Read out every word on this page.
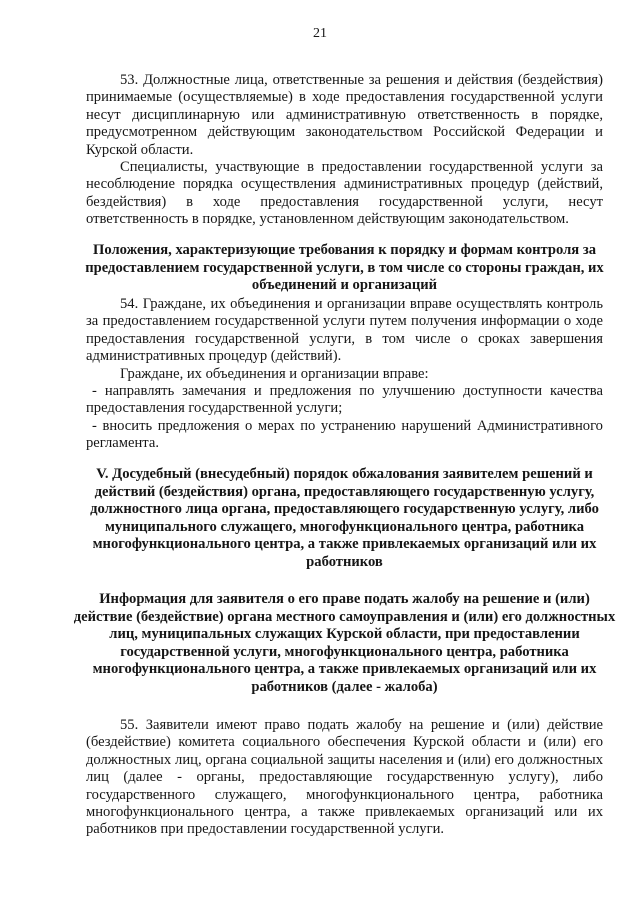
21

53. Должностные лица, ответственные за решения и действия (бездействия) принимаемые (осуществляемые) в ходе предоставления государственной услуги несут дисциплинарную или административную ответственность в порядке, предусмотренном действующим законодательством Российской Федерации и Курской области.

Специалисты, участвующие в предоставлении государственной услуги за несоблюдение порядка осуществления административных процедур (действий, бездействия) в ходе предоставления государственной услуги, несут ответственность в порядке, установленном действующим законодательством.

Положения, характеризующие требования к порядку и формам контроля за предоставлением государственной услуги, в том числе со стороны граждан, их объединений и организаций

54. Граждане, их объединения и организации вправе осуществлять контроль за предоставлением государственной услуги путем получения информации о ходе предоставления государственной услуги, в том числе о сроках завершения административных процедур (действий).

Граждане, их объединения и организации вправе:

- направлять замечания и предложения по улучшению доступности качества предоставления государственной услуги;
- вносить предложения о мерах по устранению нарушений Административного регламента.

V. Досудебный (внесудебный) порядок обжалования заявителем решений и действий (бездействия) органа, предоставляющего государственную услугу, должностного лица органа, предоставляющего государственную услугу, либо муниципального служащего, многофункционального центра, работника многофункционального центра, а также привлекаемых организаций или их работников

Информация для заявителя о его праве подать жалобу на решение и (или) действие (бездействие) органа местного самоуправления и (или) его должностных лиц, муниципальных служащих Курской области, при предоставлении государственной услуги, многофункционального центра, работника многофункционального центра, а также привлекаемых организаций или их работников (далее - жалоба)

55. Заявители имеют право подать жалобу на решение и (или) действие (бездействие) комитета социального обеспечения Курской области и (или) его должностных лиц, органа социальной защиты населения и (или) его должностных лиц (далее - органы, предоставляющие государственную услугу), либо государственного служащего, многофункционального центра, работника многофункционального центра, а также привлекаемых организаций или их работников при предоставлении государственной услуги.
